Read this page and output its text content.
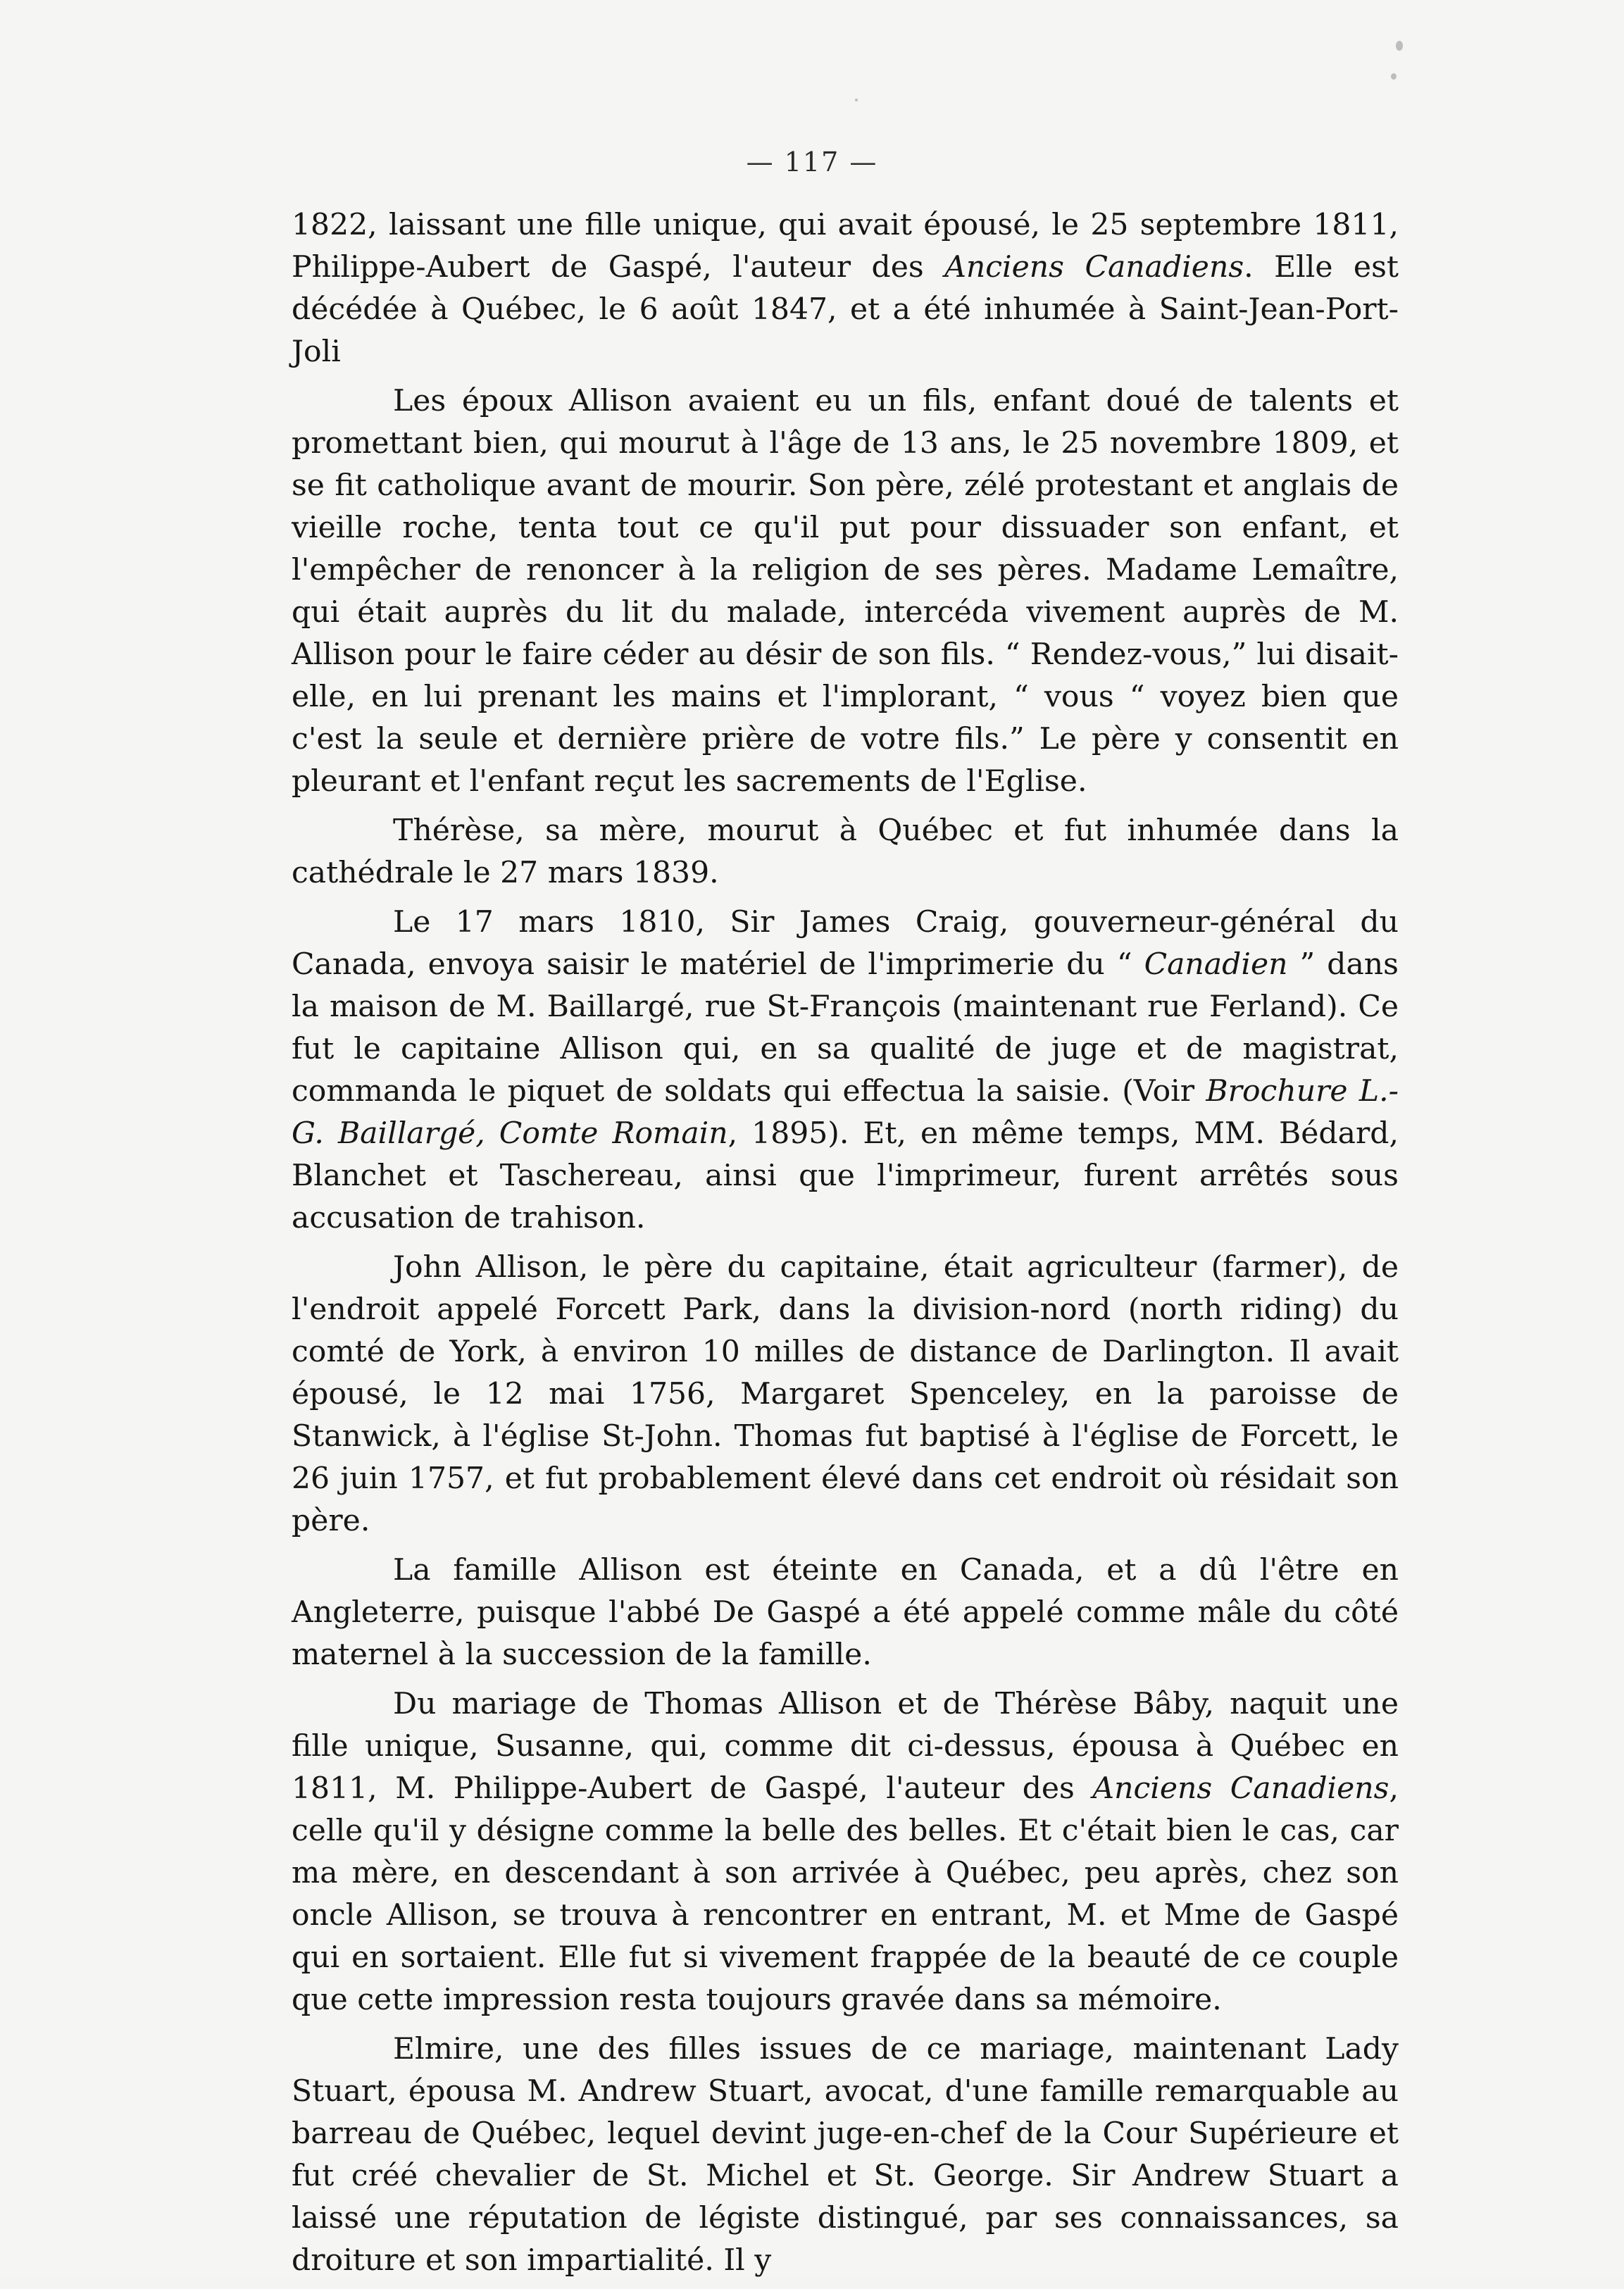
— 117 —

1822, laissant une fille unique, qui avait épousé, le 25 septembre 1811, Philippe-Aubert de Gaspé, l'auteur des Anciens Canadiens. Elle est décédée à Québec, le 6 août 1847, et a été inhumée à Saint-Jean-Port-Joli

Les époux Allison avaient eu un fils, enfant doué de talents et promettant bien, qui mourut à l'âge de 13 ans, le 25 novembre 1809, et se fit catholique avant de mourir. Son père, zélé protestant et anglais de vieille roche, tenta tout ce qu'il put pour dissuader son enfant, et l'empêcher de renoncer à la religion de ses pères. Madame Lemaître, qui était auprès du lit du malade, intercéda vivement auprès de M. Allison pour le faire céder au désir de son fils. “ Rendez-vous,” lui disait-elle, en lui prenant les mains et l'implorant, “ vous “ voyez bien que c'est la seule et dernière prière de votre fils.” Le père y consentit en pleurant et l'enfant reçut les sacrements de l'Eglise.

Thérèse, sa mère, mourut à Québec et fut inhumée dans la cathédrale le 27 mars 1839.

Le 17 mars 1810, Sir James Craig, gouverneur-général du Canada, envoya saisir le matériel de l'imprimerie du “ Canadien ” dans la maison de M. Baillargé, rue St-François (maintenant rue Ferland). Ce fut le capitaine Allison qui, en sa qualité de juge et de magistrat, commanda le piquet de soldats qui effectua la saisie. (Voir Brochure L.-G. Baillargé, Comte Romain, 1895). Et, en même temps, MM. Bédard, Blanchet et Taschereau, ainsi que l'imprimeur, furent arrêtés sous accusation de trahison.

John Allison, le père du capitaine, était agriculteur (farmer), de l'endroit appelé Forcett Park, dans la division-nord (north riding) du comté de York, à environ 10 milles de distance de Darlington. Il avait épousé, le 12 mai 1756, Margaret Spenceley, en la paroisse de Stanwick, à l'église St-John. Thomas fut baptisé à l'église de Forcett, le 26 juin 1757, et fut probablement élevé dans cet endroit où résidait son père.

La famille Allison est éteinte en Canada, et a dû l'être en Angleterre, puisque l'abbé De Gaspé a été appelé comme mâle du côté maternel à la succession de la famille.

Du mariage de Thomas Allison et de Thérèse Bâby, naquit une fille unique, Susanne, qui, comme dit ci-dessus, épousa à Québec en 1811, M. Philippe-Aubert de Gaspé, l'auteur des Anciens Canadiens, celle qu'il y désigne comme la belle des belles. Et c'était bien le cas, car ma mère, en descendant à son arrivée à Québec, peu après, chez son oncle Allison, se trouva à rencontrer en entrant, M. et Mme de Gaspé qui en sortaient. Elle fut si vivement frappée de la beauté de ce couple que cette impression resta toujours gravée dans sa mémoire.

Elmire, une des filles issues de ce mariage, maintenant Lady Stuart, épousa M. Andrew Stuart, avocat, d'une famille remarquable au barreau de Québec, lequel devint juge-en-chef de la Cour Supérieure et fut créé chevalier de St. Michel et St. George. Sir Andrew Stuart a laissé une réputation de légiste distingué, par ses connaissances, sa droiture et son impartialité. Il y
